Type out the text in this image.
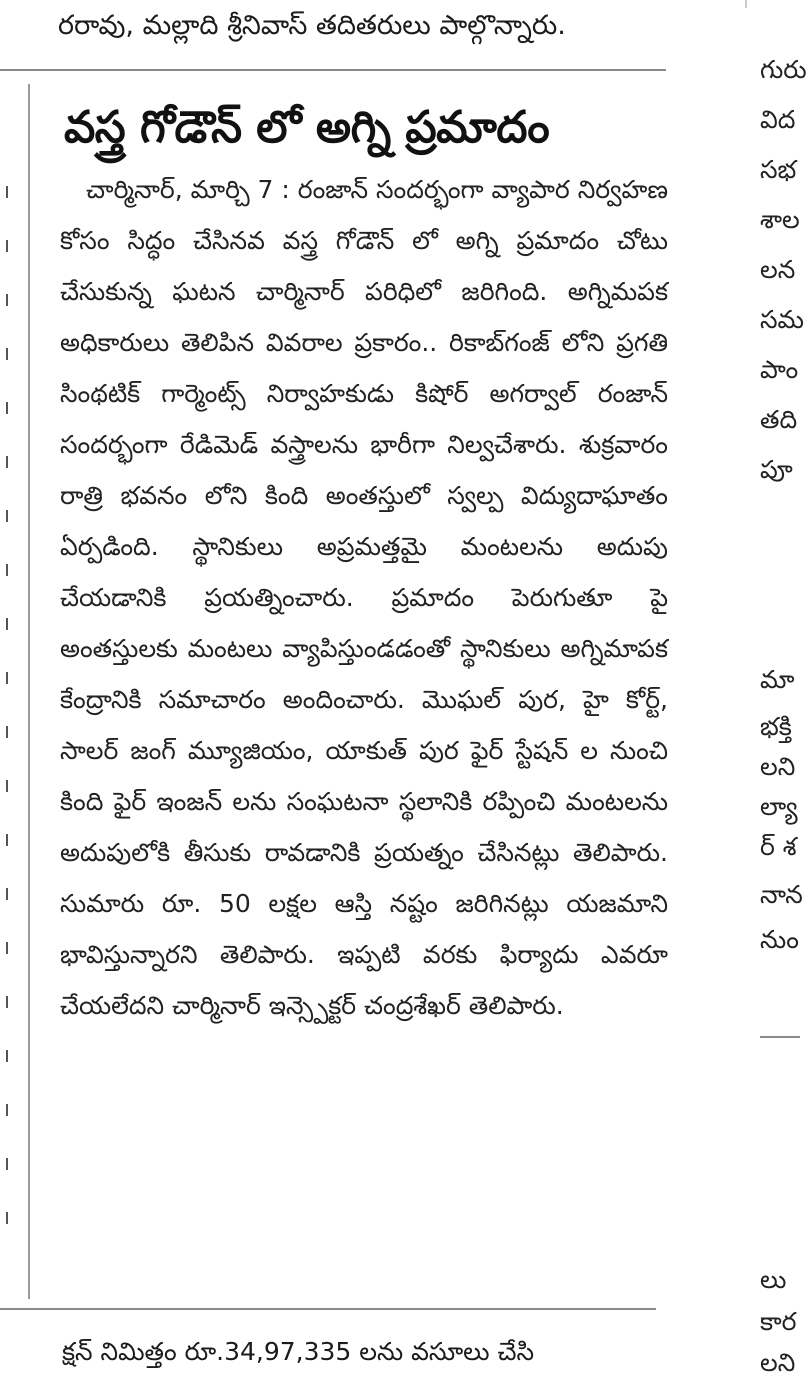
రరావు, మల్లాది శ్రీనివాస్ తదితరులు పాల్గొన్నారు.
వస్త్ర గోడౌన్ లో అగ్ని ప్రమాదం

చార్మినార్, మార్చి 7 : రంజాన్ సందర్భంగా వ్యాపార నిర్వహణ కోసం సిద్ధం చేసినవ వస్త్ర గోడౌన్ లో అగ్ని ప్రమాదం చోటు చేసుకున్న ఘటన చార్మినార్ పరిధిలో జరిగింది. అగ్నిమపక అధికారులు తెలిపిన వివరాల ప్రకారం.. రికాబ్‌గంజ్ లోని ప్రగతి సింథటిక్ గార్మెంట్స్ నిర్వాహకుడు కిషోర్ అగర్వాల్ రంజాన్ సందర్భంగా రేడిమెడ్ వస్త్రాలను భారీగా నిల్వచేశారు. శుక్రవారం రాత్రి భవనం లోని కింది అంతస్తులో స్వల్ప విద్యుదాఘాతం ఏర్పడింది. స్థానికులు అప్రమత్తమై మంటలను అదుపు చేయడానికి ప్రయత్నించారు. ప్రమాదం పెరుగుతూ పై అంతస్తులకు మంటలు వ్యాపిస్తుండడంతో స్థానికులు అగ్నిమాపక కేంద్రానికి సమాచారం అందించారు. మొఘల్ పుర, హై కోర్ట్, సాలర్ జంగ్ మ్యూజియం, యాకుత్ పుర ఫైర్ స్టేషన్ ల నుంచి కింది ఫైర్ ఇంజన్ లను సంఘటనా స్థలానికి రప్పించి మంటలను అదుపులోకి తీసుకు రావడానికి ప్రయత్నం చేసినట్లు తెలిపారు. సుమారు రూ. 50 లక్షల ఆస్తి నష్టం జరిగినట్లు యజమాని భావిస్తున్నారని తెలిపారు. ఇప్పటి వరకు ఫిర్యాదు ఎవరూ చేయలేదని చార్మినార్ ఇన్స్పెక్టర్ చంద్రశేఖర్ తెలిపారు.

క్షన్ నిమిత్తం రూ.34,97,335 లను వసూలు చేసి
గురు
విద
సభ
శాల
లన
సమ
పాం
తది
పూ
మా
భక్తి
లని
ల్యా
ర్ శ
నాన
నుం
లు
కార
లని
